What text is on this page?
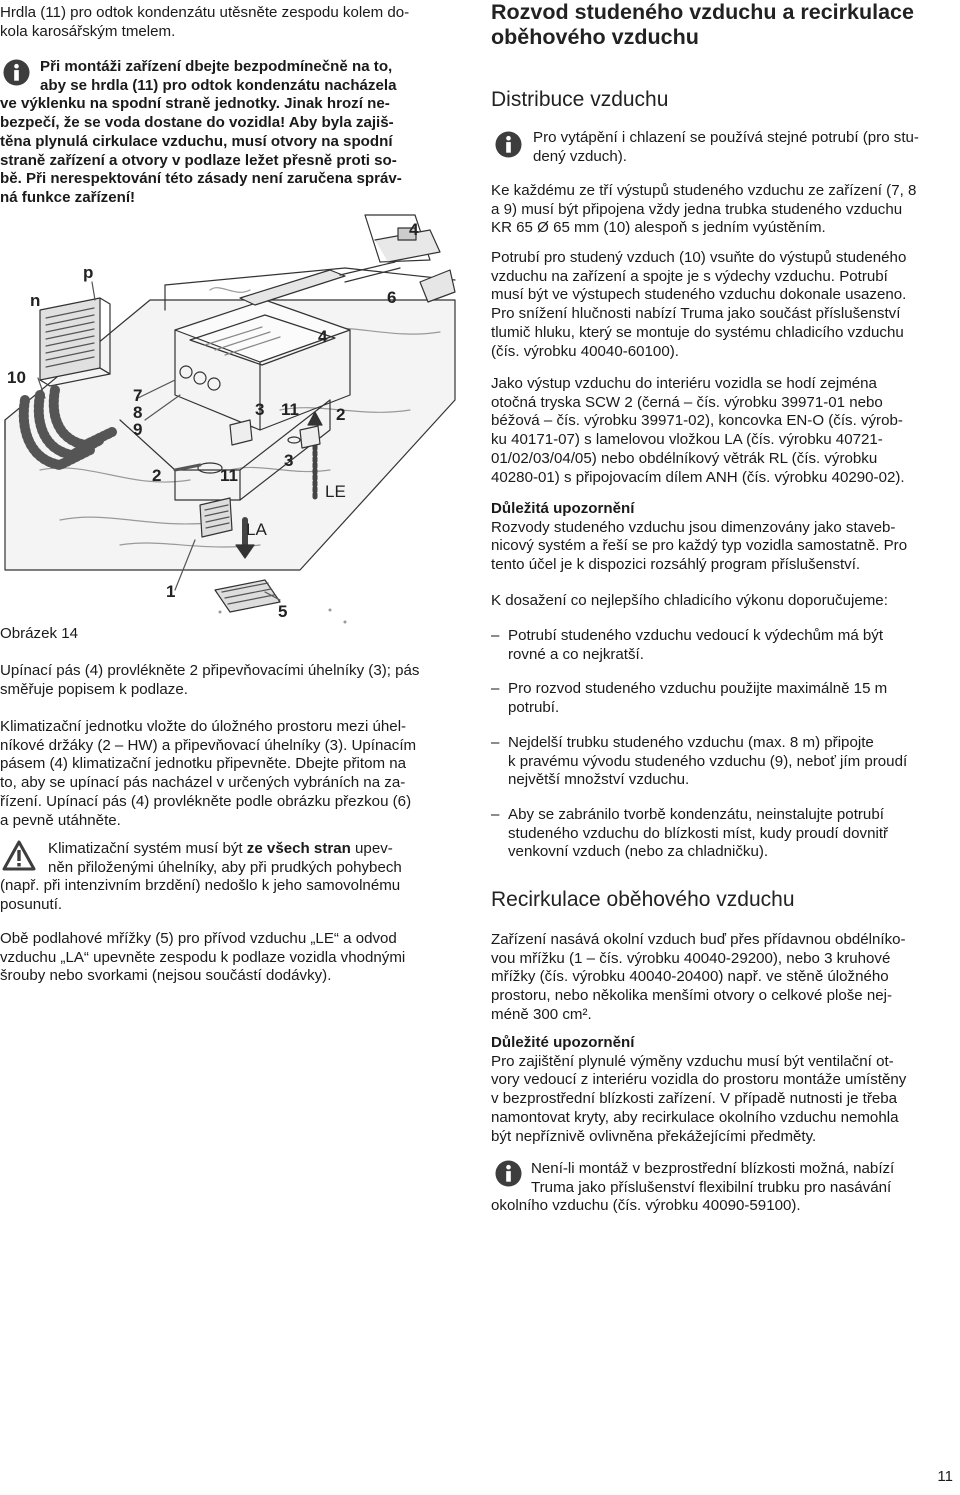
Hrdla (11) pro odtok kondenzátu utěsněte zespodu kolem do-

kola karosářským tmelem.

Při montáži zařízení dbejte bezpodmínečně na to,

aby se hrdla (11) pro odtok kondenzátu nacházela

ve výklenku na spodní straně jednotky. Jinak hrozí ne-

bezpečí, že se voda dostane do vozidla! Aby byla zajiš-

těna plynulá cirkulace vzduchu, musí otvory na spodní

straně zařízení a otvory v podlaze ležet přesně proti so-

bě. Při nerespektování této zásady není zaručena správ-

ná funkce zařízení!

n
p
10
7
8
9
2	11
3 11 2
3
4
4
6
LE
LA
1
5

Obrázek 14

Upínací pás (4) provlékněte 2 připevňovacími úhelníky (3); pás

směřuje popisem k podlaze.

Klimatizační jednotku vložte do úložného prostoru mezi úhel-

níkové držáky (2 – HW) a připevňovací úhelníky (3). Upínacím

pásem (4) klimatizační jednotku připevněte. Dbejte přitom na

to, aby se upínací pás nacházel v určených vybráních na za-

řízení. Upínací pás (4) provlékněte podle obrázku přezkou (6)

a pevně utáhněte.

Klimatizační systém musí být ze všech stran upev-

něn přiloženými úhelníky, aby při prudkých pohybech

(např. při intenzivním brzdění) nedošlo k jeho samovolnému

posunutí.

Obě podlahové mřížky (5) pro přívod vzduchu „LE“ a odvod

vzduchu „LA“ upevněte zespodu k podlaze vozidla vhodnými

šrouby nebo svorkami (nejsou součástí dodávky).

Rozvod studeného vzduchu a recirkulace
oběhového vzduchu
Distribuce vzduchu

Pro vytápění i chlazení se používá stejné potrubí (pro stu-

dený vzduch).

Ke každému ze tří výstupů studeného vzduchu ze zařízení (7, 8

a 9) musí být připojena vždy jedna trubka studeného vzduchu

KR 65 Ø 65 mm (10) alespoň s jedním vyústěním.

Potrubí pro studený vzduch (10) vsuňte do výstupů studeného

vzduchu na zařízení a spojte je s výdechy vzduchu. Potrubí

musí být ve výstupech studeného vzduchu dokonale usazeno.

Pro snížení hlučnosti nabízí Truma jako součást příslušenství

tlumič hluku, který se montuje do systému chladicího vzduchu

(čís. výrobku 40040-60100).

Jako výstup vzduchu do interiéru vozidla se hodí zejména

otočná tryska SCW 2 (černá – čís. výrobku 39971-01 nebo

béžová – čís. výrobku 39971-02), koncovka EN-O (čís. výrob-

ku 40171-07) s lamelovou vložkou LA (čís. výrobku 40721-

01/02/03/04/05) nebo obdélníkový větrák RL (čís. výrobku

40280-01) s připojovacím dílem ANH (čís. výrobku 40290-02).

Důležitá upozornění

Rozvody studeného vzduchu jsou dimenzovány jako staveb-

nicový systém a řeší se pro každý typ vozidla samostatně. Pro

tento účel je k dispozici rozsáhlý program příslušenství.

K dosažení co nejlepšího chladicího výkonu doporučujeme:

– Potrubí studeného vzduchu vedoucí k výdechům má být
rovné a co nejkratší.
– Pro rozvod studeného vzduchu použijte maximálně 15 m
potrubí.
– Nejdelší trubku studeného vzduchu (max. 8 m) připojte
k pravému vývodu studeného vzduchu (9), neboť jím proudí
největší množství vzduchu.
– Aby se zabránilo tvorbě kondenzátu, neinstalujte potrubí
studeného vzduchu do blízkosti míst, kudy proudí dovnitř
venkovní vzduch (nebo za chladničku).
Recirkulace oběhového vzduchu

Zařízení nasává okolní vzduch buď přes přídavnou obdélníko-

vou mřížku (1 – čís. výrobku 40040-29200), nebo 3 kruhové

mřížky (čís. výrobku 40040-20400) např. ve stěně úložného

prostoru, nebo několika menšími otvory o celkové ploše nej-

méně 300 cm².

Důležité upozornění

Pro zajištění plynulé výměny vzduchu musí být ventilační ot-

vory vedoucí z interiéru vozidla do prostoru montáže umístěny

v bezprostřední blízkosti zařízení. V případě nutnosti je třeba

namontovat kryty, aby recirkulace okolního vzduchu nemohla

být nepříznivě ovlivněna překážejícími předměty.

Není-li montáž v bezprostřední blízkosti možná, nabízí

Truma jako příslušenství flexibilní trubku pro nasávání

okolního vzduchu (čís. výrobku 40090-59100).

11
